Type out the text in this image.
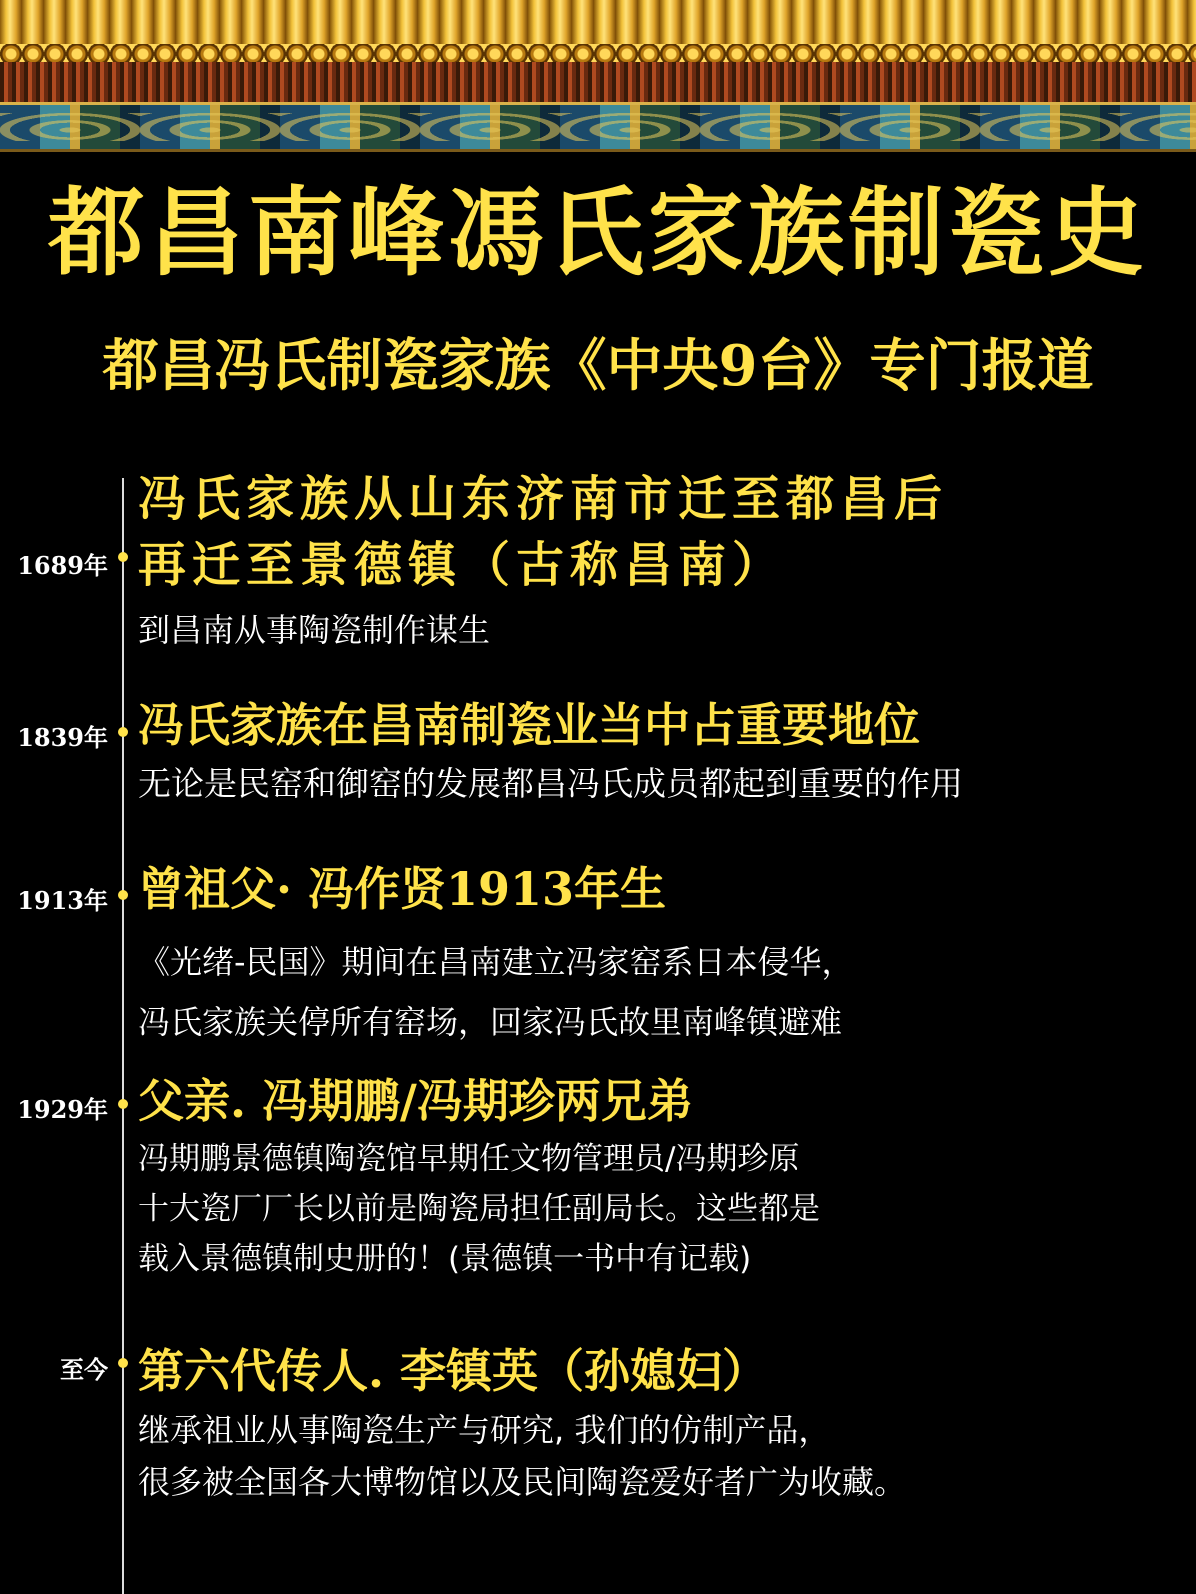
都昌南峰馮氏家族制瓷史
都昌冯氏制瓷家族《中央9台》专门报道
1689年
冯氏家族从山东济南市迁至都昌后
再迁至景德镇（古称昌南）
到昌南从事陶瓷制作谋生
1839年 冯氏家族在昌南制瓷业当中占重要地位
无论是民窑和御窑的发展都昌冯氏成员都起到重要的作用
1913年 曾祖父· 冯作贤1913年生
《光绪-民国》期间在昌南建立冯家窑系日本侵华，
冯氏家族关停所有窑场，回家冯氏故里南峰镇避难
1929年 父亲. 冯期鹏/冯期珍两兄弟
冯期鹏景德镇陶瓷馆早期任文物管理员/冯期珍原
十大瓷厂厂长以前是陶瓷局担任副局长。这些都是
载入景德镇制史册的！(景德镇一书中有记载)
至今 第六代传人. 李镇英（孙媳妇）
继承祖业从事陶瓷生产与研究, 我们的仿制产品，
很多被全国各大博物馆以及民间陶瓷爱好者广为收藏。
